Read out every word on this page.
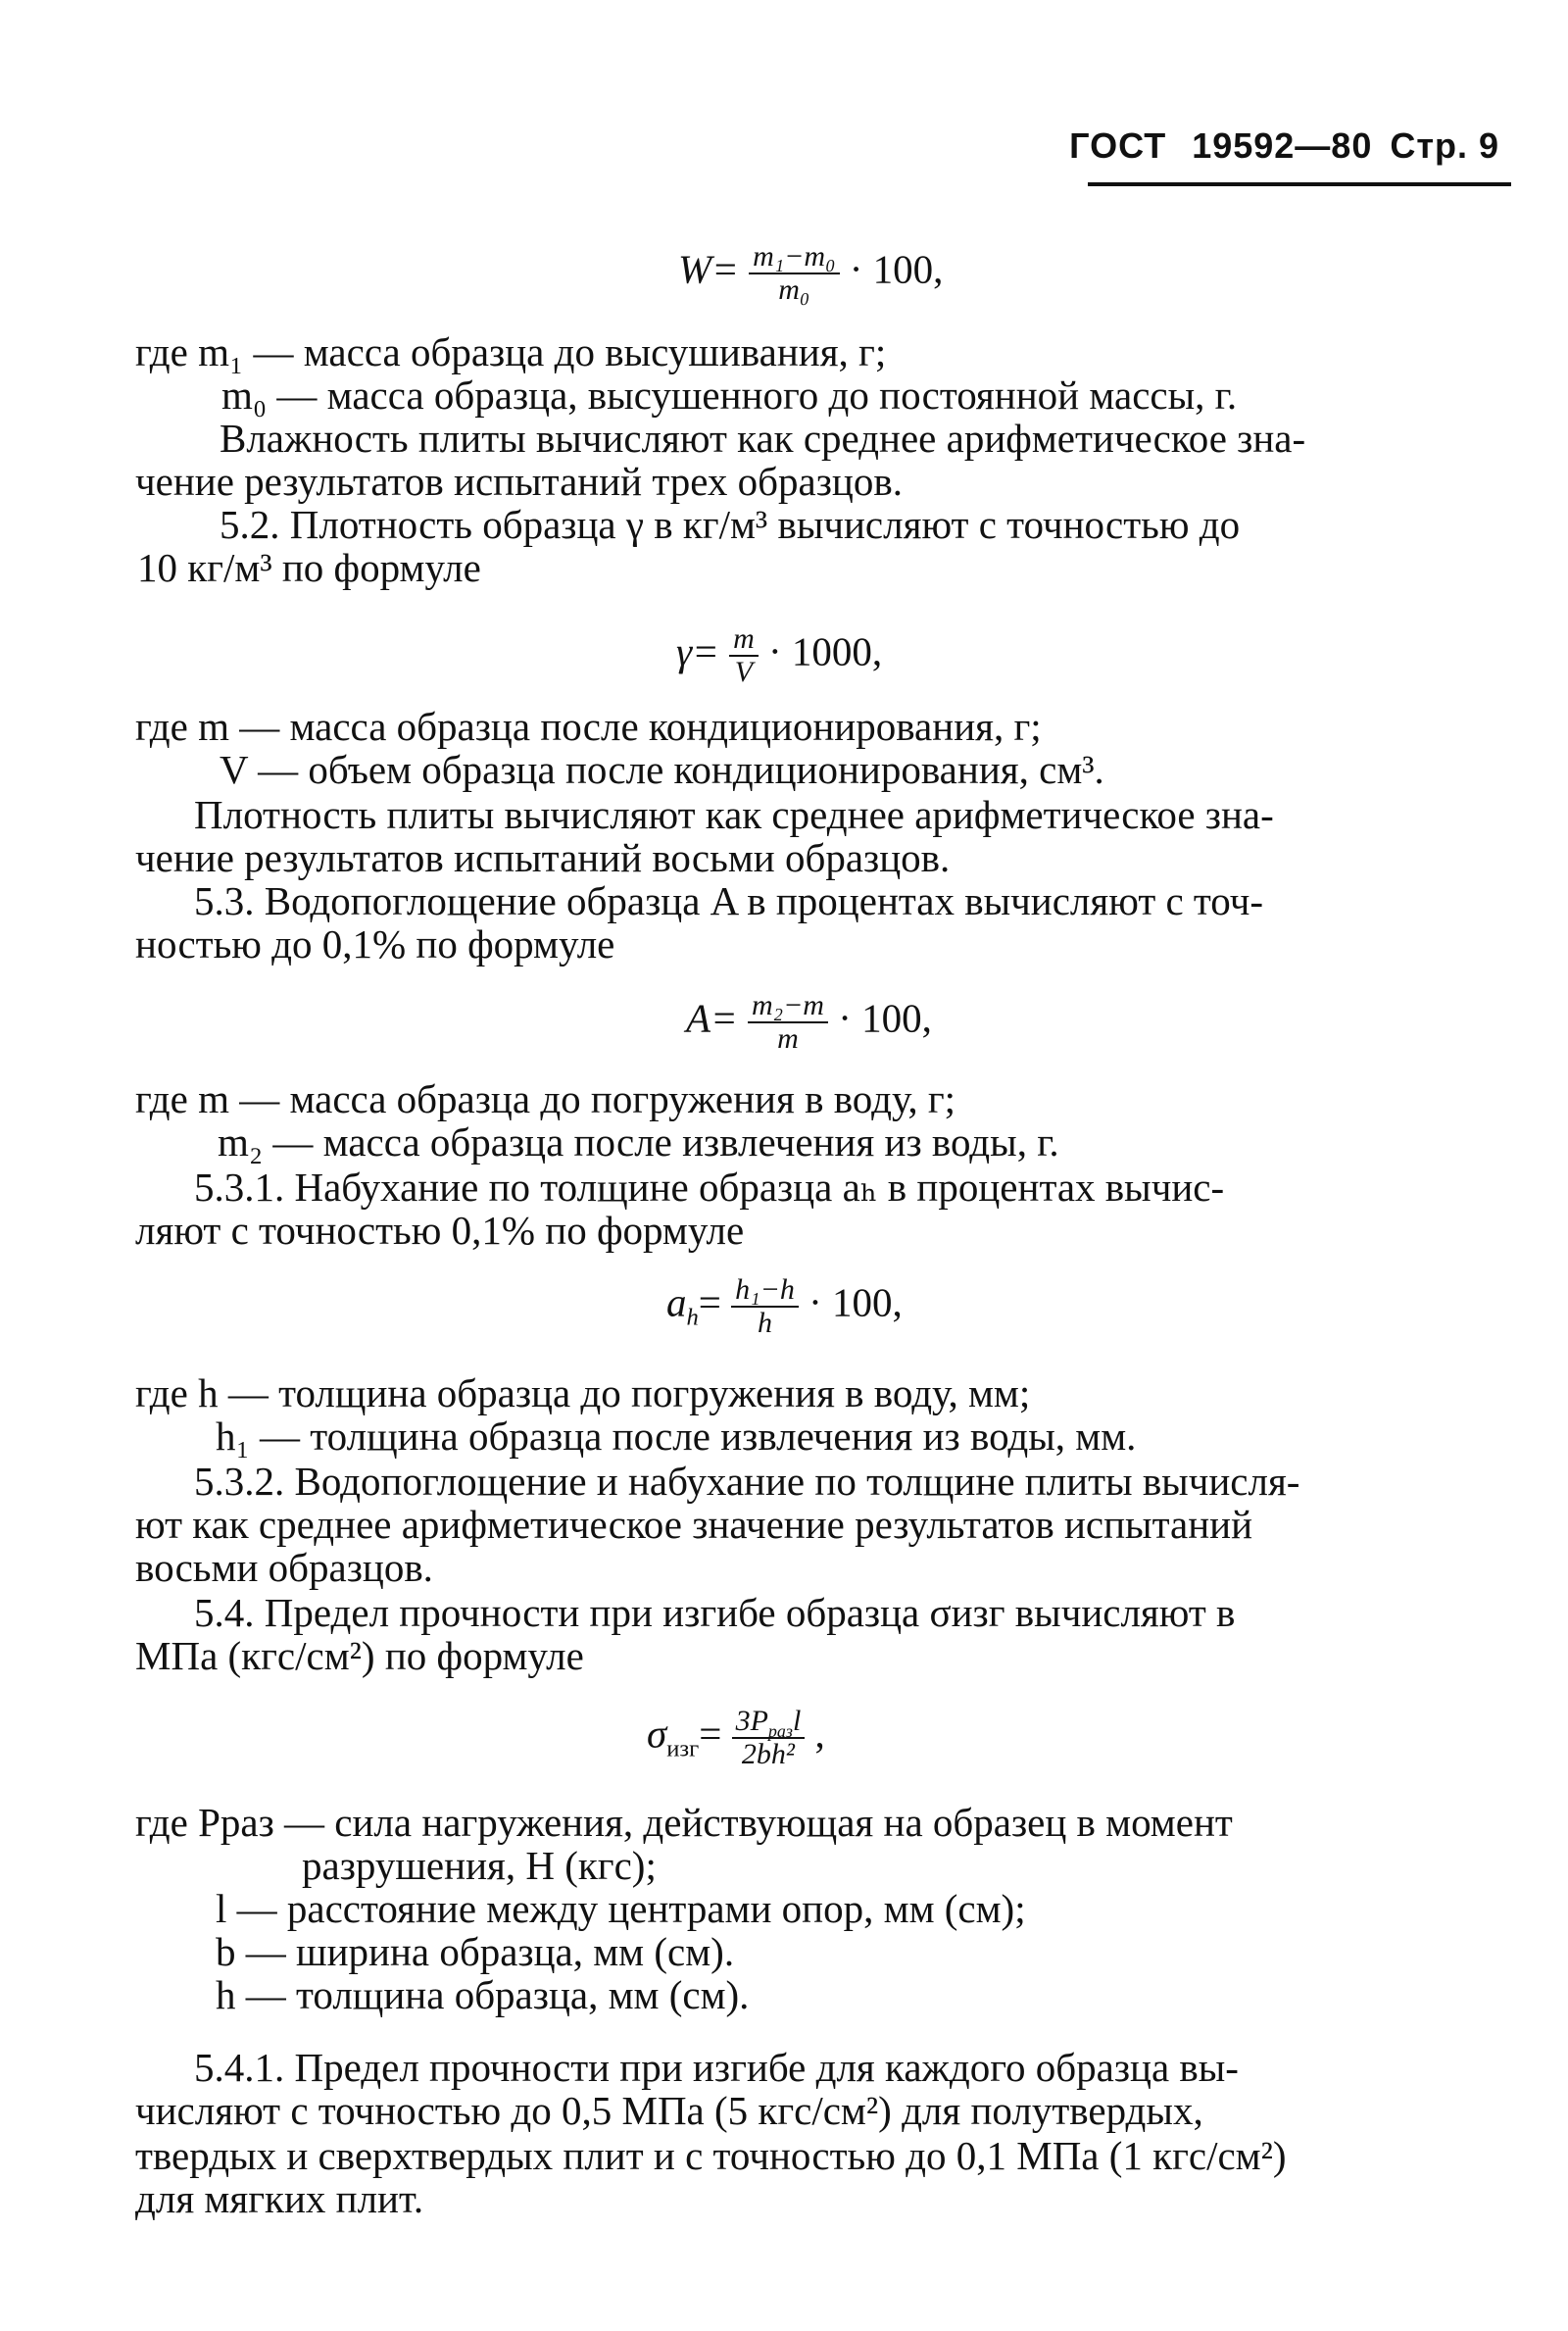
ГОСТ 19592—80 Стр. 9
$W= \frac{\text{m₁−m₀}}{\text{m₀}} \cdot 100$,
где m₁ — масса образца до высушивания, г;
m₀ — масса образца, высушенного до постоянной массы, г.
Влажность плиты вычисляют как среднее арифметическое зна-
чение результатов испытаний трех образцов.
5.2. Плотность образца γ в кг/м³ вычисляют с точностью до
10 кг/м³ по формуле
$\gamma= \frac{m}{V} \cdot 1000$,
где m — масса образца после кондиционирования, г;
V — объем образца после кондиционирования, см³.
Плотность плиты вычисляют как среднее арифметическое зна-
чение результатов испытаний восьми образцов.
5.3. Водопоглощение образца A в процентах вычисляют с точ-
ностью до 0,1% по формуле
$A= \frac{\text{m₂−m}}{m} \cdot 100$,
где m — масса образца до погружения в воду, г;
m₂ — масса образца после извлечения из воды, г.
5.3.1. Набухание по толщине образца aₕ в процентах вычис-
ляют с точностью 0,1% по формуле
$a_h= \frac{\text{h₁−h}}{h} \cdot 100$,
где h — толщина образца до погружения в воду, мм;
h₁ — толщина образца после извлечения из воды, мм.
5.3.2. Водопоглощение и набухание по толщине плиты вычисля-
ют как среднее арифметическое значение результатов испытаний
восьми образцов.
5.4. Предел прочности при изгибе образца σизг вычисляют в
МПа (кгс/см²) по формуле
$\sigma_{изг}= \frac{3P_{раз}l}{\text{2bh²}}$ ,
где Pраз — сила нагружения, действующая на образец в момент
разрушения, Н (кгс);
l — расстояние между центрами опор, мм (см);
b — ширина образца, мм (см).
h — толщина образца, мм (см).
5.4.1. Предел прочности при изгибе для каждого образца вы-
числяют с точностью до 0,5 МПа (5 кгс/см²) для полутвердых,
твердых и сверхтвердых плит и с точностью до 0,1 МПа (1 кгс/см²)
для мягких плит.
